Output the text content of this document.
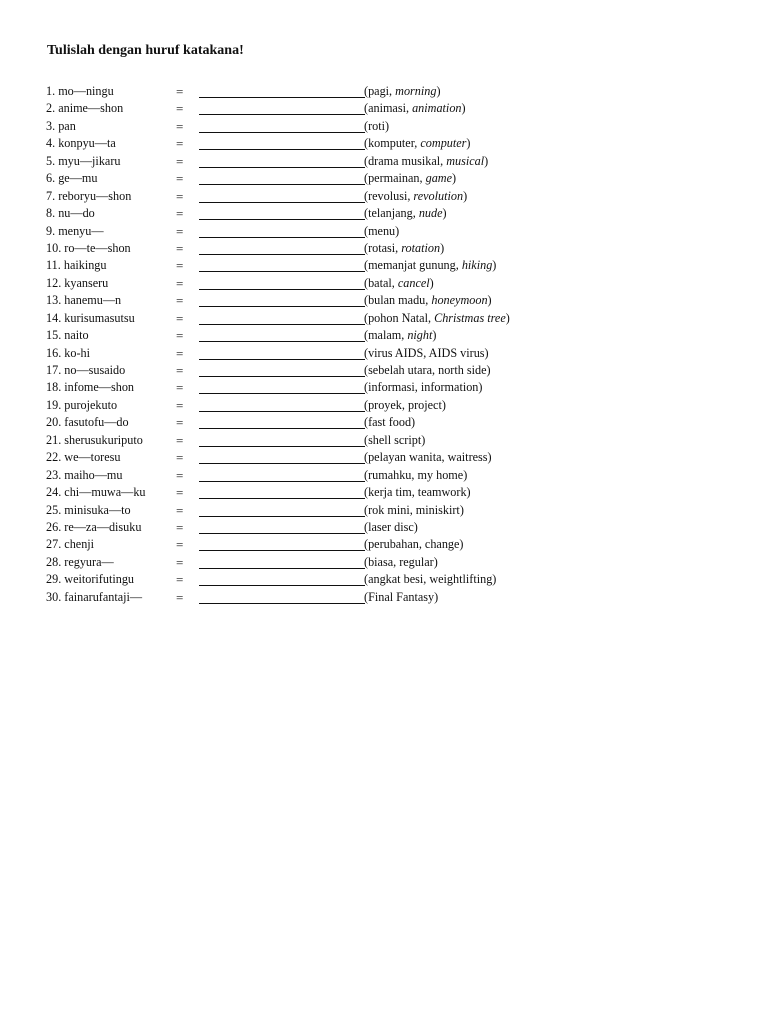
Tulislah dengan huruf katakana!
1. mo—ningu	=	(pagi, morning)
2. anime—shon	=	(animasi, animation)
3. pan	=	(roti)
4. konpyu—ta	=	(komputer, computer)
5. myu—jikaru	=	(drama musikal, musical)
6. ge—mu	=	(permainan, game)
7. reboryu—shon	=	(revolusi, revolution)
8. nu—do	=	(telanjang, nude)
9. menyu—	=	(menu)
10. ro—te—shon	=	(rotasi, rotation)
11. haikingu	=	(memanjat gunung, hiking)
12. kyanseru	=	(batal, cancel)
13. hanemu—n	=	(bulan madu, honeymoon)
14. kurisumasutsu	=	(pohon Natal, Christmas tree)
15. naito	=	(malam, night)
16. ko-hi	=	(virus AIDS, AIDS virus)
17. no—susaido	=	(sebelah utara, north side)
18. infome—shon	=	(informasi, information)
19. purojekuto	=	(proyek, project)
20. fasutofu—do	=	(fast food)
21. sherusukuriputo	=	(shell script)
22. we—toresu	=	(pelayan wanita, waitress)
23. maiho—mu	=	(rumahku, my home)
24. chi—muwa—ku =	(kerja tim, teamwork)
25. minisuka—to	=	(rok mini, miniskirt)
26. re—za—disuku	=	(laser disc)
27. chenji	=	(perubahan, change)
28. regyura—	=	(biasa, regular)
29. weitorifutingu	=	(angkat besi, weightlifting)
30. fainarufantaji—	=	(Final Fantasy)
